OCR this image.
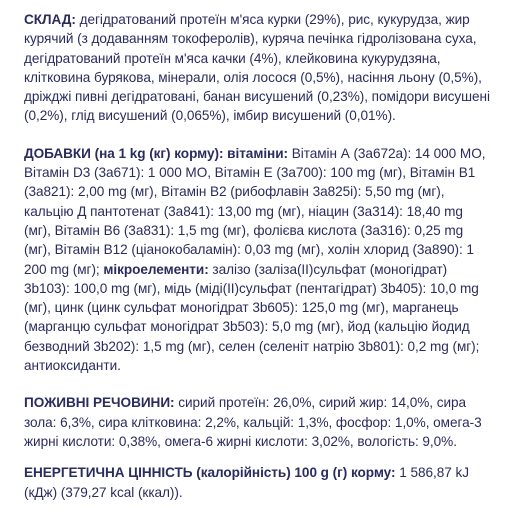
СКЛАД: дегідратований протеїн м'яса курки (29%), рис, кукурудза, жир курячий (з додаванням токоферолів), куряча печінка гідролізована суха, дегідратований протеїн м'яса качки (4%), клейковина кукурудзяна, клітковина бурякова, мінерали, олія лосося (0,5%), насіння льону (0,5%), дріжджі пивні дегідратовані, банан висушений (0,23%), помідори висушені (0,2%), глід висушений (0,065%), імбир висушений (0,01%).

ДОБАВКИ (на 1 kg (кг) корму): вітаміни: Вітамін А (3a672a): 14 000 МО, Вітамін D3 (3a671): 1 000 МО, Вітамін Е (3a700): 100 mg (мг), Вітамін В1 (3a821): 2,00 mg (мг), Вітамін В2 (рибофлавін 3a825i): 5,50 mg (мг), кальцію Д пантотенат (3a841): 13,00 mg (мг), ніацин (3a314): 18,40 mg (мг), Вітамін В6 (3a831): 1,5 mg (мг), фолієва кислота (3a316): 0,25 mg (мг), Вітамін В12 (ціанокобаламін): 0,03 mg (мг), холін хлорид (3a890): 1 200 mg (мг); мікроелементи: залізо (заліза(II)сульфат (моногідрат) 3b103): 100,0 mg (мг), мідь (міді(II)сульфат (пентагідрат) 3b405): 10,0 mg (мг), цинк (цинк сульфат моногідрат 3b605): 125,0 mg (мг), марганець (марганцю сульфат моногідрат 3b503): 5,0 mg (мг), йод (кальцію йодид безводний 3b202): 1,5 mg (мг), селен (селеніт натрію 3b801): 0,2 mg (мг); антиоксиданти.

ПОЖИВНІ РЕЧОВИНИ: сирий протеїн: 26,0%, сирий жир: 14,0%, сира зола: 6,3%, сира клітковина: 2,2%, кальцій: 1,3%, фосфор: 1,0%, омега-3 жирні кислоти: 0,38%, омега-6 жирні кислоти: 3,02%, вологість: 9,0%.

ЕНЕРГЕТИЧНА ЦІННІСТЬ (калорійність) 100 g (г) корму: 1 586,87 kJ (кДж) (379,27 kcal (ккал)).
